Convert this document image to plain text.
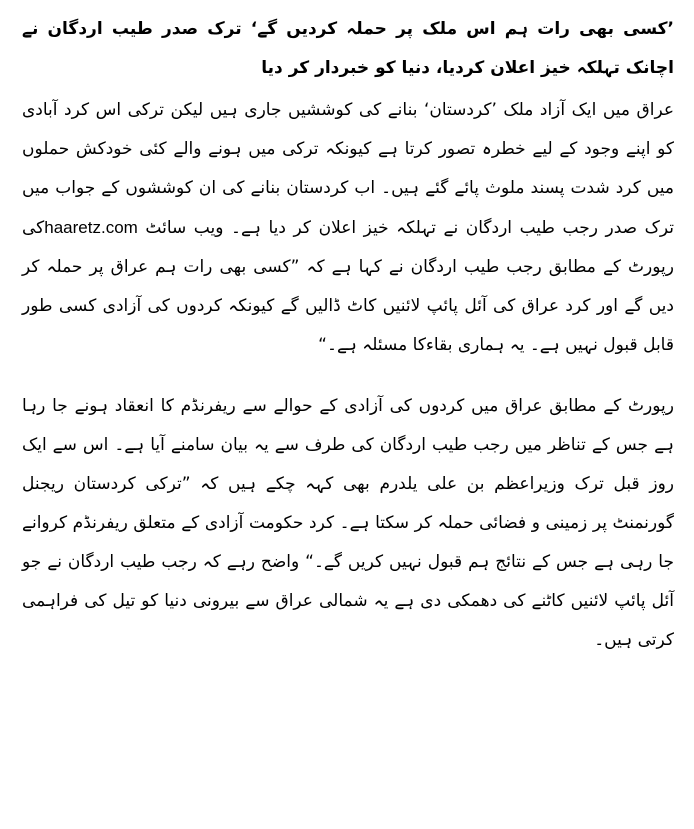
’کسی بھی رات ہم اس ملک پر حملہ کردیں گے‘ ترک صدر طیب اردگان نے اچانک تہلکہ خیز اعلان کردیا، دنیا کو خبردار کر دیا

عراق میں ایک آزاد ملک ’کردستان‘ بنانے کی کوششیں جاری ہیں لیکن ترکی اس کرد آبادی کو اپنے وجود کے لیے خطرہ تصور کرتا ہے کیونکہ ترکی میں ہونے والے کئی خودکش حملوں میں کرد شدت پسند ملوث پائے گئے ہیں۔ اب کردستان بنانے کی ان کوششوں کے جواب میں ترک صدر رجب طیب اردگان نے تہلکہ خیز اعلان کر دیا ہے۔ ویب سائٹ haaretz.comکی رپورٹ کے مطابق رجب طیب اردگان نے کہا ہے کہ ”کسی بھی رات ہم عراق پر حملہ کر دیں گے اور کرد عراق کی آئل پائپ لائنیں کاٹ ڈالیں گے کیونکہ کردوں کی آزادی کسی طور قابل قبول نہیں ہے۔ یہ ہماری بقاءکا مسئلہ ہے۔“

رپورٹ کے مطابق عراق میں کردوں کی آزادی کے حوالے سے ریفرنڈم کا انعقاد ہونے جا رہا ہے جس کے تناظر میں رجب طیب اردگان کی طرف سے یہ بیان سامنے آیا ہے۔ اس سے ایک روز قبل ترک وزیراعظم بن علی یلدرم بھی کہہ چکے ہیں کہ ”ترکی کردستان ریجنل گورنمنٹ پر زمینی و فضائی حملہ کر سکتا ہے۔ کرد حکومت آزادی کے متعلق ریفرنڈم کروانے جا رہی ہے جس کے نتائج ہم قبول نہیں کریں گے۔“ واضح رہے کہ رجب طیب اردگان نے جو آئل پائپ لائنیں کاٹنے کی دھمکی دی ہے یہ شمالی عراق سے بیرونی دنیا کو تیل کی فراہمی کرتی ہیں۔
